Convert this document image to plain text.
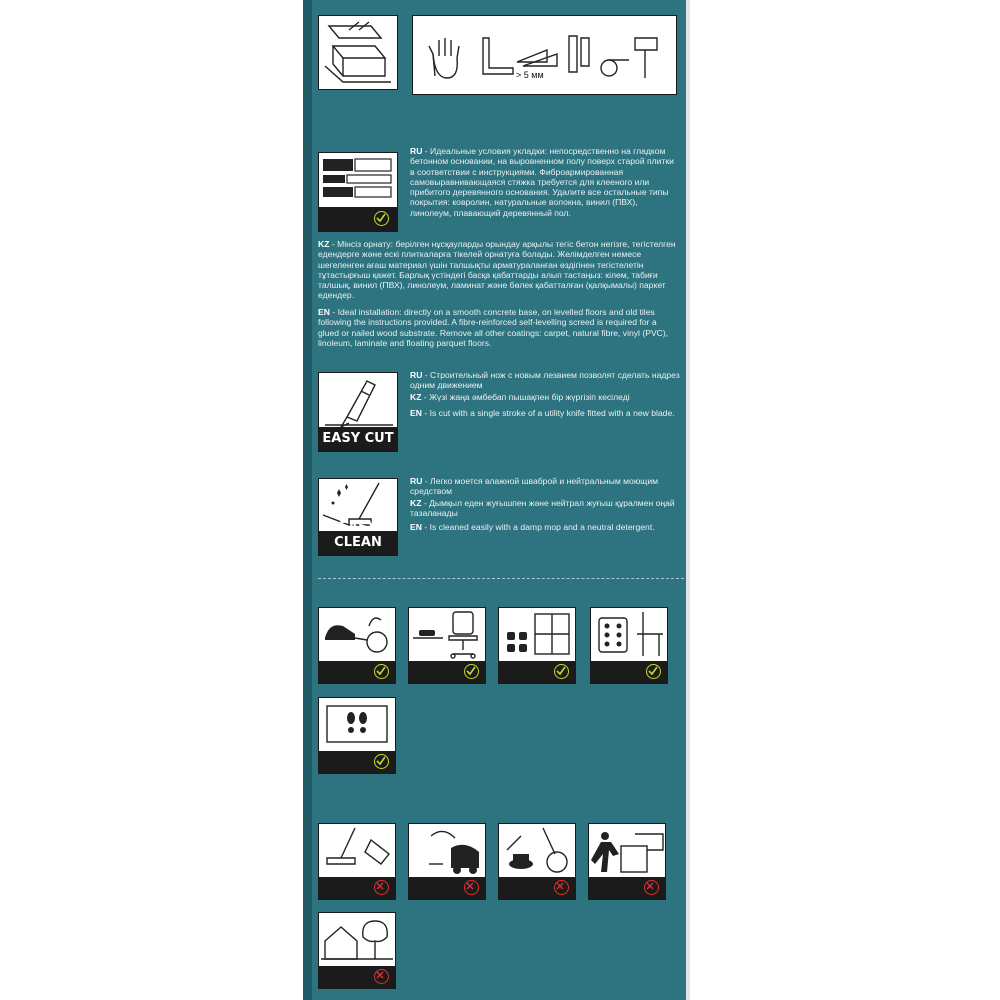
> 5 мм
RU - Идеальные условия укладки: непосредственно на гладком бетонном основании, на выровненном полу поверх старой плитки в соответствии с инструкциями. Фиброармированная самовыравнивающаяся стяжка требуется для клееного или прибитого деревянного основания. Удалите все остальные типы покрытия: ковролин, натуральные волокна, винил (ПВХ), линолеум, плавающий деревянный пол.
KZ - Мінсіз орнату: берілген нұсқауларды орындау арқылы тегіс бетон негізге, тегістелген едендерге және ескі плиткаларға тікелей орнатуға болады. Желімделген немесе шегеленген ағаш материал үшін талшықты арматураланған өздігінен тегістелетін тұтастырғыш қажет. Барлық үстіндегі басқа қабаттарды алып тастаңыз: кілем, табиғи талшық, винил (ПВХ), линолеум, ламинат және бөлек қабатталған (қалқымалы) паркет едендер.
EN - Ideal installation: directly on a smooth concrete base, on levelled floors and old tiles following the instructions provided. A fibre-reinforced self-levelling screed is required for a glued or nailed wood substrate. Remove all other coatings: carpet, natural fibre, vinyl (PVC), linoleum, laminate and floating parquet floors.
EASY CUT
RU - Строительный нож с новым лезвием позволят сделать надрез одним движением
KZ - Жүзі жаңа әмбебап пышақпен бір жүргізіп кесіледі
EN - Is cut with a single stroke of a utility knife fitted with a new blade.
EASY CLEAN
RU - Легко моется влажной шваброй и нейтральным моющим средством
KZ - Дымқыл еден жуғышпен және нейтрал жуғыш құралмен оңай тазаланады
EN - Is cleaned easily with a damp mop and a neutral detergent.
